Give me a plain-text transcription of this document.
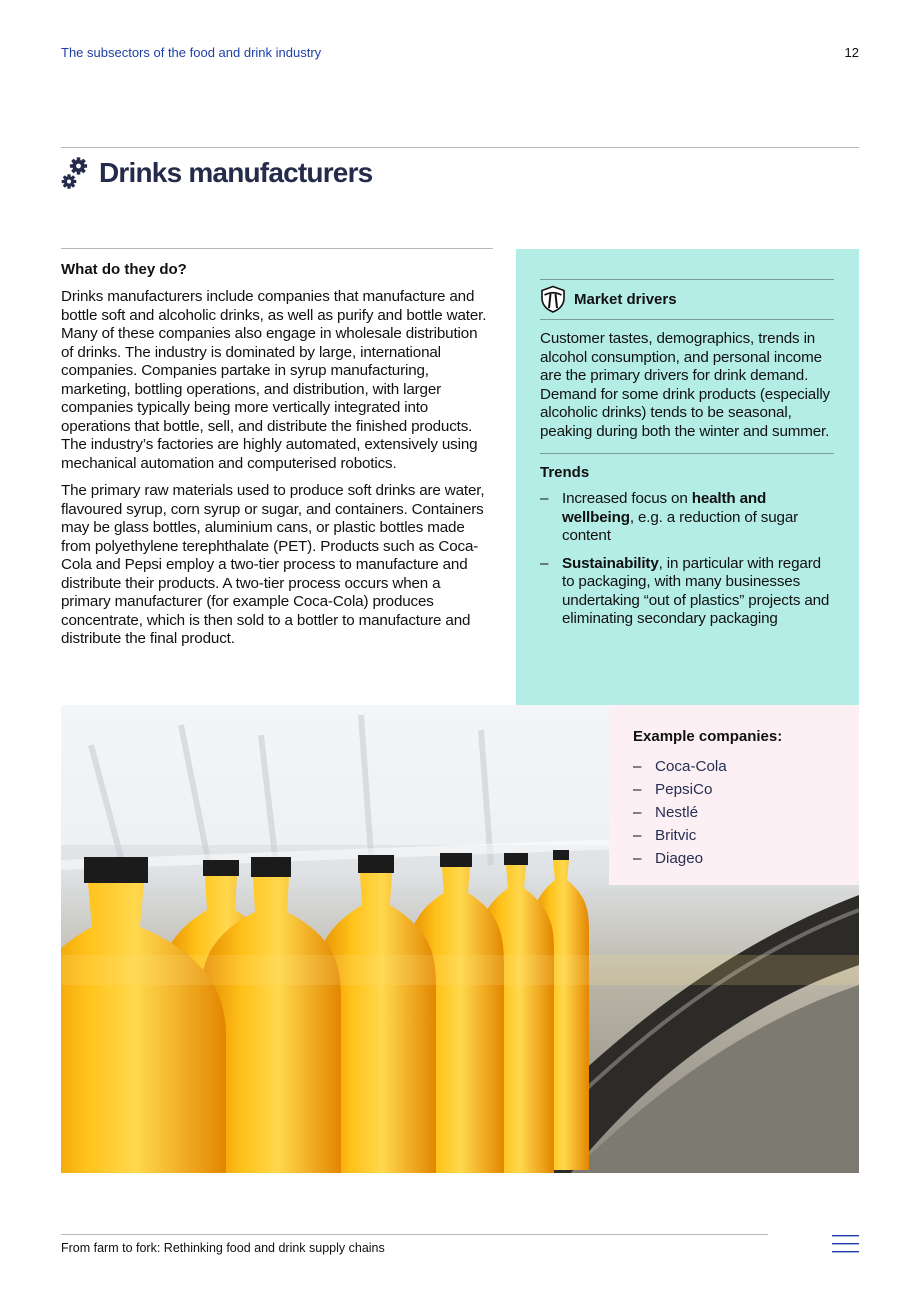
The subsectors of the food and drink industry	12
Drinks manufacturers
What do they do?

Drinks manufacturers include companies that manufacture and bottle soft and alcoholic drinks, as well as purify and bottle water. Many of these companies also engage in wholesale distribution of drinks. The industry is dominated by large, international companies. Companies partake in syrup manufacturing, marketing, bottling operations, and distribution, with larger companies typically being more vertically integrated into operations that bottle, sell, and distribute the finished products. The industry’s factories are highly automated, extensively using mechanical automation and computerised robotics.

The primary raw materials used to produce soft drinks are water, flavoured syrup, corn syrup or sugar, and containers. Containers may be glass bottles, aluminium cans, or plastic bottles made from polyethylene terephthalate (PET). Products such as Coca-Cola and Pepsi employ a two-tier process to manufacture and distribute their products. A two-tier process occurs when a primary manufacturer (for example Coca-Cola) produces concentrate, which is then sold to a bottler to manufacture and distribute the final product.

Market drivers

Customer tastes, demographics, trends in alcohol consumption, and personal income are the primary drivers for drink demand. Demand for some drink products (especially alcoholic drinks) tends to be seasonal, peaking during both the winter and summer.

Trends
– Increased focus on health and wellbeing, e.g. a reduction of sugar content
– Sustainability, in particular with regard to packaging, with many businesses undertaking “out of plastics” projects and eliminating secondary packaging
Example companies:
– Coca-Cola
– PepsiCo
– Nestlé
– Britvic
– Diageo
From farm to fork: Rethinking food and drink supply chains
